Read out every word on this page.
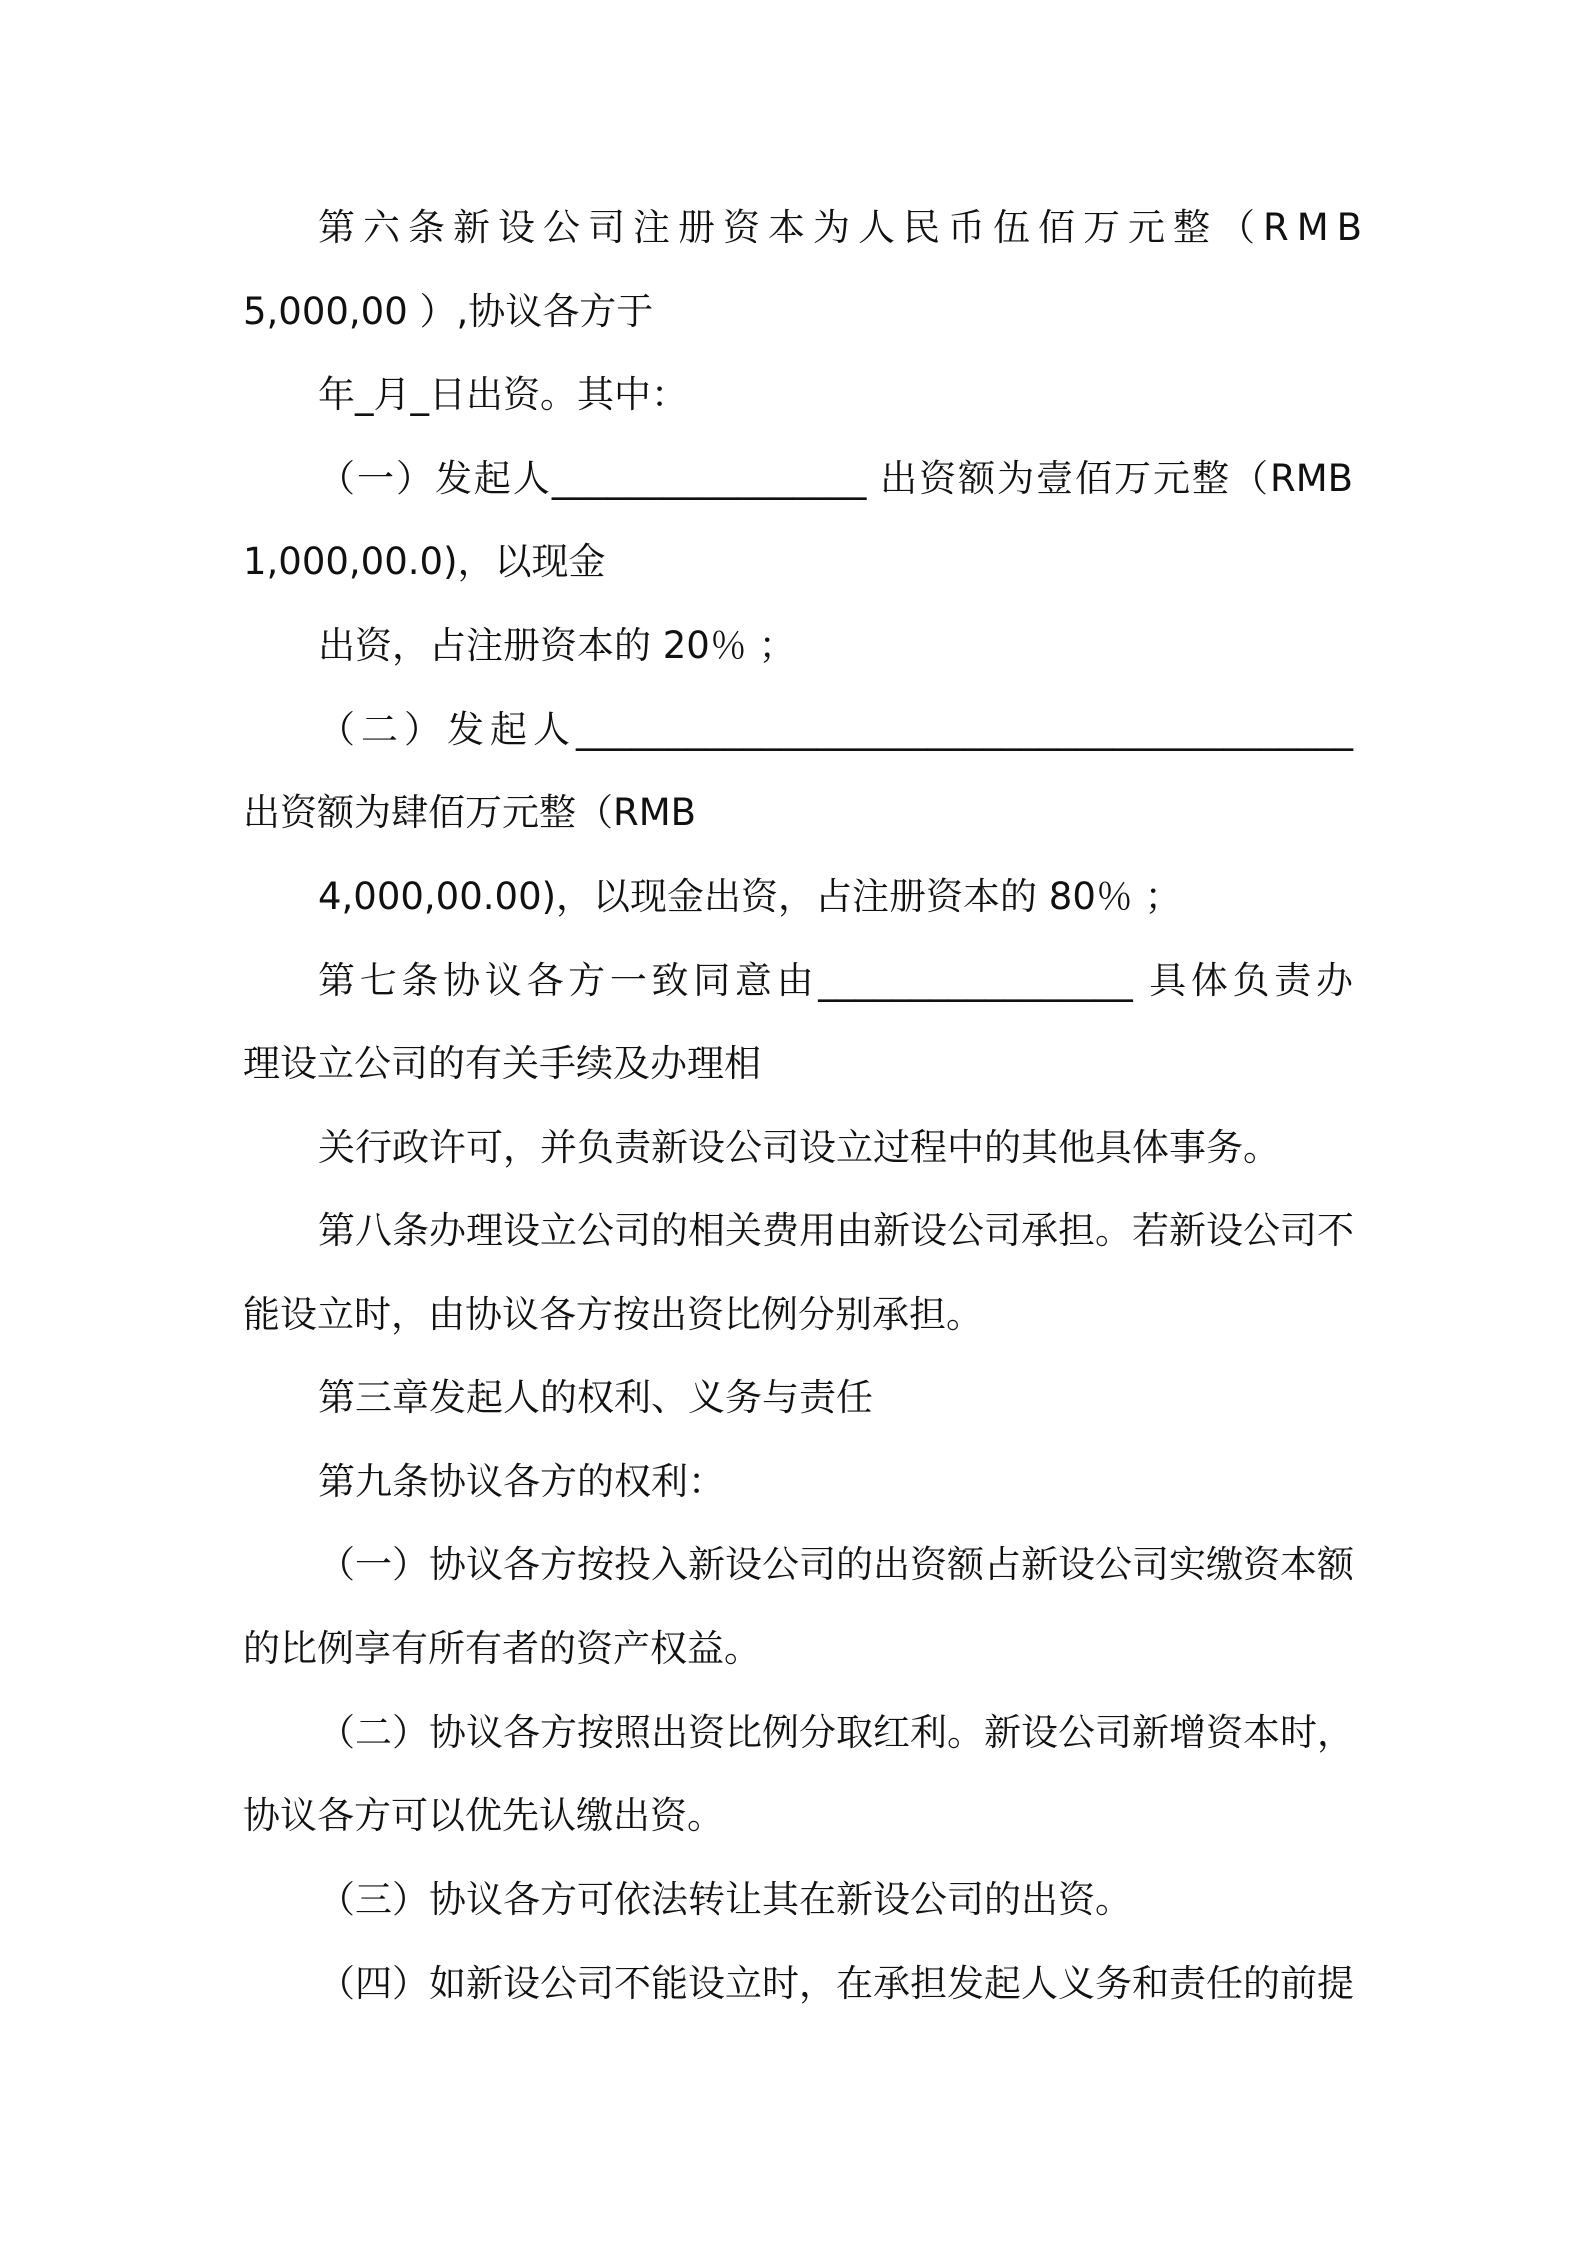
第六条新设公司注册资本为人民币伍佰万元整（RMB
5,000,00 ）,协议各方于
年_月_日出资。其中：
（一）发起人_________________ 出资额为壹佰万元整（RMB
1,000,00.0)，以现金
出资，占注册资本的 20％ ；
（二）发起人__________________________________________
出资额为肆佰万元整（RMB
4,000,00.00)，以现金出资，占注册资本的 80％ ；
第七条协议各方一致同意由_________________ 具体负责办
理设立公司的有关手续及办理相
关行政许可，并负责新设公司设立过程中的其他具体事务。
第八条办理设立公司的相关费用由新设公司承担。若新设公司不
能设立时，由协议各方按出资比例分别承担。
第三章发起人的权利、义务与责任
第九条协议各方的权利：
（一）协议各方按投入新设公司的出资额占新设公司实缴资本额
的比例享有所有者的资产权益。
（二）协议各方按照出资比例分取红利。新设公司新增资本时，
协议各方可以优先认缴出资。
（三）协议各方可依法转让其在新设公司的出资。
（四）如新设公司不能设立时，在承担发起人义务和责任的前提
